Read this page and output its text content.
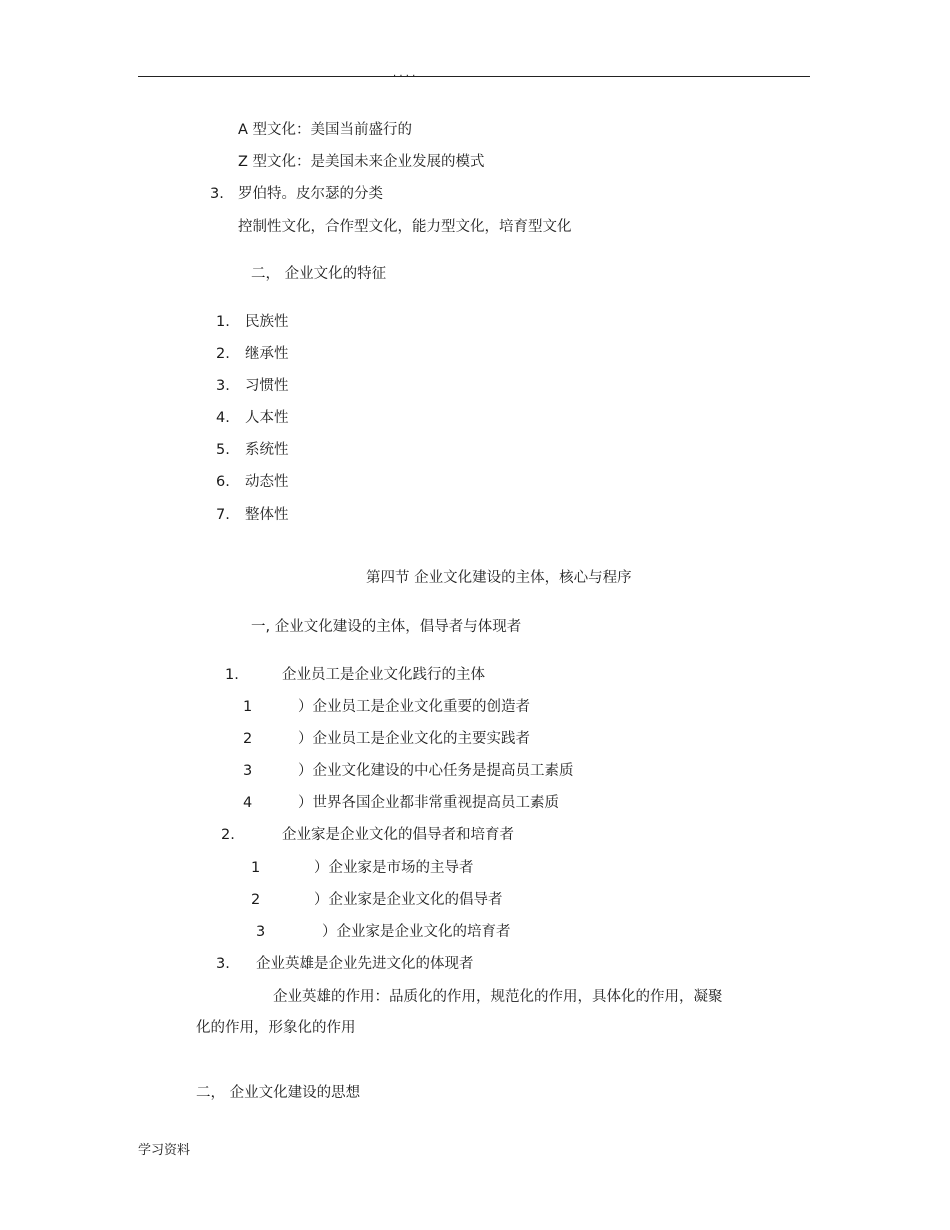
. . . .
A 型文化：美国当前盛行的
Z 型文化：是美国未来企业发展的模式
3. 罗伯特。皮尔瑟的分类
控制性文化，合作型文化，能力型文化，培育型文化
二， 企业文化的特征
1. 民族性
2. 继承性
3. 习惯性
4. 人本性
5. 系统性
6. 动态性
7. 整体性
第四节 企业文化建设的主体，核心与程序
一, 企业文化建设的主体，倡导者与体现者
1.	企业员工是企业文化践行的主体
1	）企业员工是企业文化重要的创造者
2	）企业员工是企业文化的主要实践者
3	）企业文化建设的中心任务是提高员工素质
4	）世界各国企业都非常重视提高员工素质
2.	企业家是企业文化的倡导者和培育者
1	）企业家是市场的主导者
2	）企业家是企业文化的倡导者
3	）企业家是企业文化的培育者
3. 企业英雄是企业先进文化的体现者
企业英雄的作用：品质化的作用，规范化的作用，具体化的作用，凝聚
化的作用，形象化的作用
二， 企业文化建设的思想
学习资料
